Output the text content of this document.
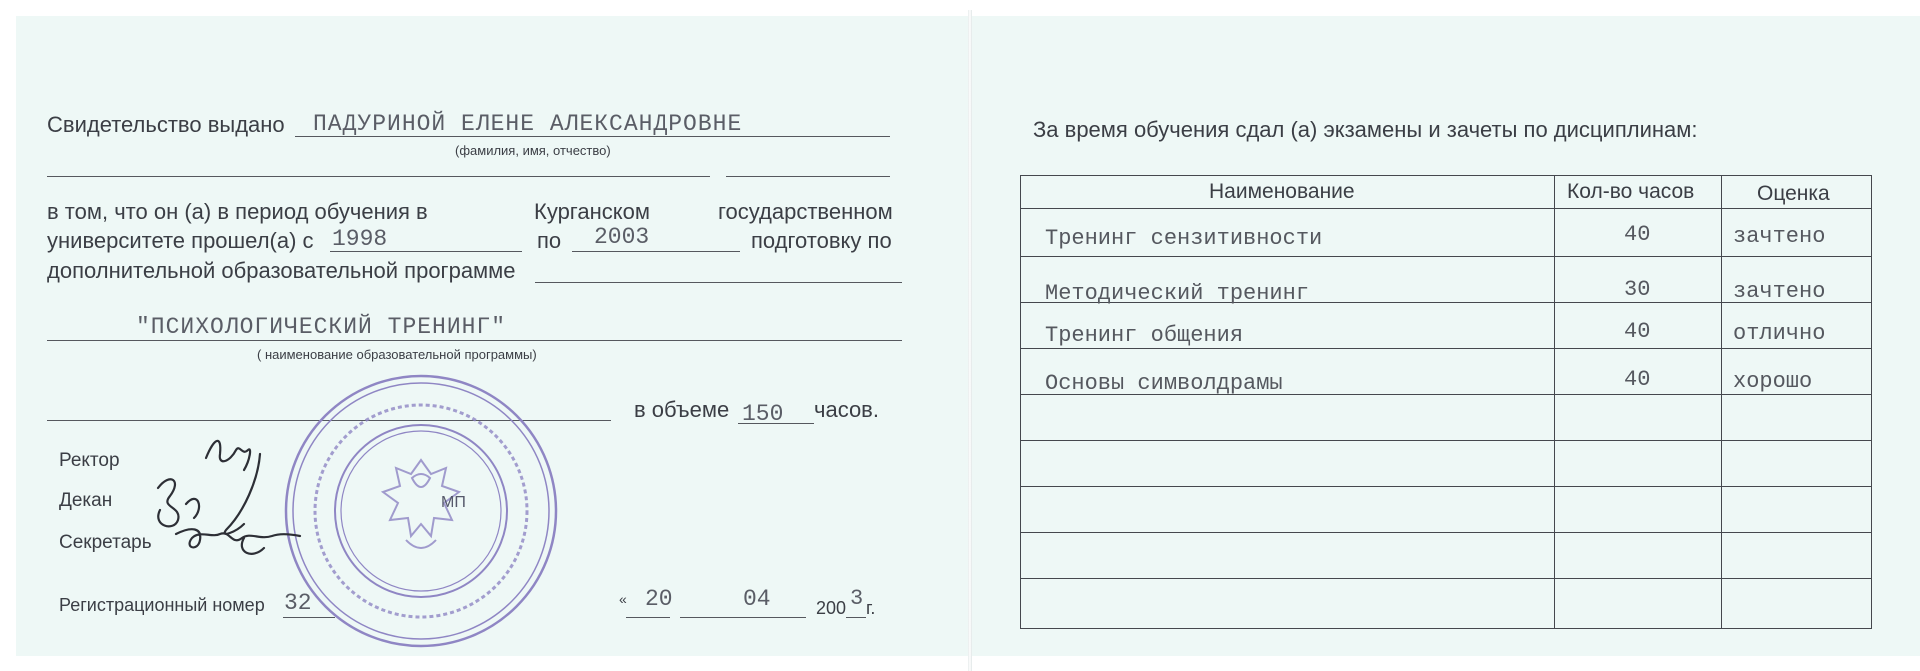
Свидетельство выдано ПАДУРИНОЙ ЕЛЕНЕ АЛЕКСАНДРОВНЕ
(фамилия, имя, отчество)
в том, что он (а) в период обучения в	Курганском	государственном
университете прошел(а) с 1998	по 2003	подготовку по
дополнительной образовательной программе
"ПСИХОЛОГИЧЕСКИЙ ТРЕНИНГ"
( наименование образовательной программы)
в объеме 150 часов.
Ректор
Декан
Секретарь
МП
Регистрационный номер 32	« 20	04	200 3 г.
За время обучения сдал (а) экзамены и зачеты по дисциплинам:
Наименование	Кол-во часов	Оценка
Тренинг сензитивности	40	зачтено
Методический тренинг	30	зачтено
Тренинг общения	40	отлично
Основы символдрамы	40	хорошо
